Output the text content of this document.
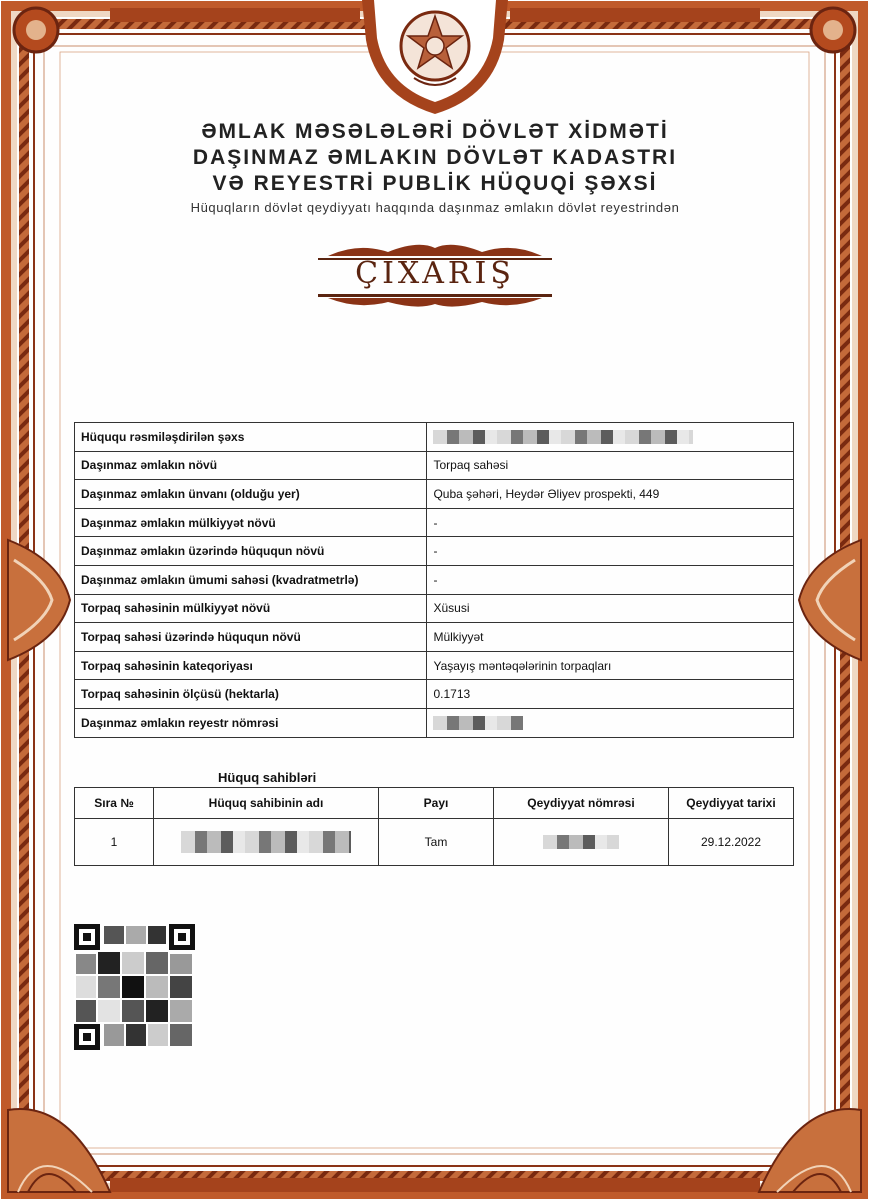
ƏMLAK MƏSƏLƏLƏRİ DÖVLƏT XİDMƏTİ
DAŞINMAZ ƏMLAKIN DÖVLƏT KADASTRI
VƏ REYESTRİ PUBLİK HÜQUQİ ŞƏXSİ
Hüquqların dövlət qeydiyyatı haqqında daşınmaz əmlakın dövlət reyestrindən
ÇIXARIŞ
Hüququ rəsmiləşdirilən şəxs	
Daşınmaz əmlakın növü	Torpaq sahəsi
Daşınmaz əmlakın ünvanı (olduğu yer)	Quba şəhəri, Heydər Əliyev prospekti, 449
Daşınmaz əmlakın mülkiyyət növü	-
Daşınmaz əmlakın üzərində hüququn növü	-
Daşınmaz əmlakın ümumi sahəsi (kvadratmetrlə)	-
Torpaq sahəsinin mülkiyyət növü	Xüsusi
Torpaq sahəsi üzərində hüququn növü	Mülkiyyət
Torpaq sahəsinin kateqoriyası	Yaşayış məntəqələrinin torpaqları
Torpaq sahəsinin ölçüsü (hektarla)	0.1713
Daşınmaz əmlakın reyestr nömrəsi	
Hüquq sahibləri
Sıra №	Hüquq sahibinin adı	Payı	Qeydiyyat nömrəsi	Qeydiyyat tarixi
1		Tam		29.12.2022
